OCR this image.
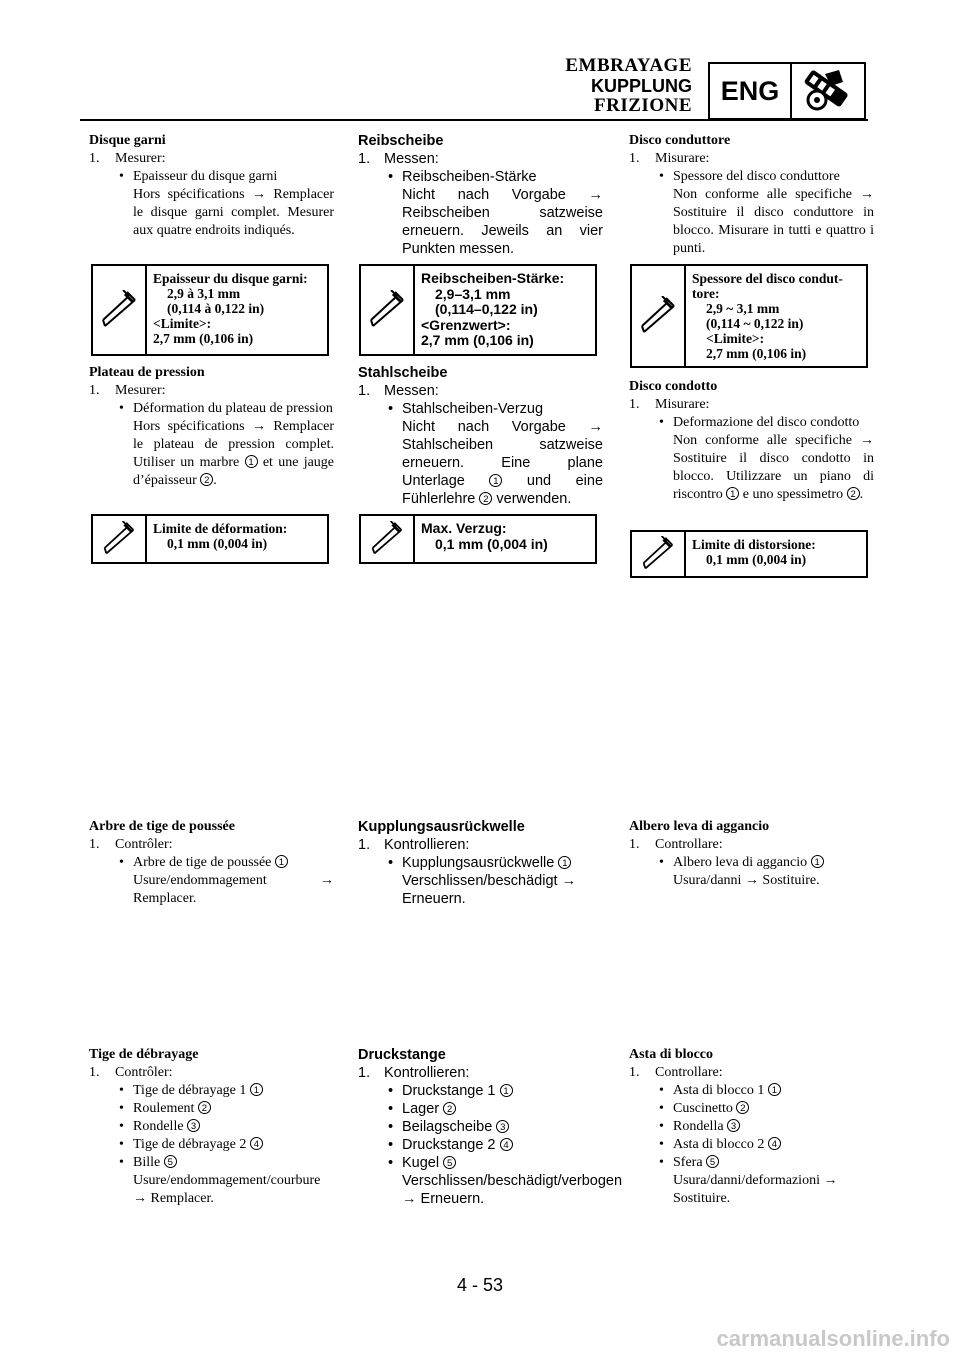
EMBRAYAGE
KUPPLUNG
FRIZIONE	ENG
Disque garni
1.	Mesurer:
• Epaisseur du disque garni
Hors spécifications → Remplacer le disque garni complet. Mesurer aux quatre endroits indiqués.
Epaisseur du disque garni:
2,9 à 3,1 mm
(0,114 à 0,122 in)
<Limite>:
2,7 mm (0,106 in)
Plateau de pression
1.	Mesurer:
• Déformation du plateau de pression
Hors spécifications → Remplacer le plateau de pression complet. Utiliser un marbre 1 et une jauge d’épaisseur 2 .
Limite de déformation:
0,1 mm (0,004 in)
Arbre de tige de poussée
1.	Contrôler:
• Arbre de tige de poussée 1
Usure/endommagement → Remplacer.
Tige de débrayage
1.	Contrôler:
• Tige de débrayage 1 1
• Roulement 2
• Rondelle 3
• Tige de débrayage 2 4
• Bille 5
Usure/endommagement/courbure → Remplacer.
Reibscheibe
1. Messen:
• Reibscheiben-Stärke
Nicht nach Vorgabe → Reibscheiben satzweise erneuern. Jeweils an vier Punkten messen.
Reibscheiben-Stärke:
2,9–3,1 mm
(0,114–0,122 in)
<Grenzwert>:
2,7 mm (0,106 in)
Stahlscheibe
1. Messen:
• Stahlscheiben-Verzug
Nicht nach Vorgabe → Stahlscheiben satzweise erneuern. Eine plane Unterlage	1 und eine Fühlerlehre 2 verwenden.
Max. Verzug:
0,1 mm (0,004 in)
Kupplungsausrückwelle
1. Kontrollieren:
• Kupplungsausrückwelle 1
Verschlissen/beschädigt → Erneuern.
Druckstange
1. Kontrollieren:
• Druckstange 1 1
• Lager 2
• Beilagscheibe 3
• Druckstange 2 4
• Kugel 5
Verschlissen/beschädigt/verbogen → Erneuern.
Disco conduttore
1.	Misurare:
• Spessore del disco conduttore
Non conforme alle specifiche → Sostituire il disco conduttore in blocco. Misurare in tutti e quattro i punti.
Spessore del disco condut-tore:
2,9 ~ 3,1 mm
(0,114 ~ 0,122 in)
<Limite>:
2,7 mm (0,106 in)
Disco condotto
1.	Misurare:
• Deformazione del disco condotto
Non conforme alle specifiche → Sostituire il disco condotto in blocco. Utilizzare un piano di riscontro 1 e uno spessimetro 2 .
Limite di distorsione:
0,1 mm (0,004 in)
Albero leva di aggancio
1.	Controllare:
• Albero leva di aggancio 1
Usura/danni → Sostituire.
Asta di blocco
1.	Controllare:
• Asta di blocco 1 1
• Cuscinetto 2
• Rondella 3
• Asta di blocco 2 4
• Sfera 5
Usura/danni/deformazioni → Sostituire.
4 - 53
carmanualsonline.info
